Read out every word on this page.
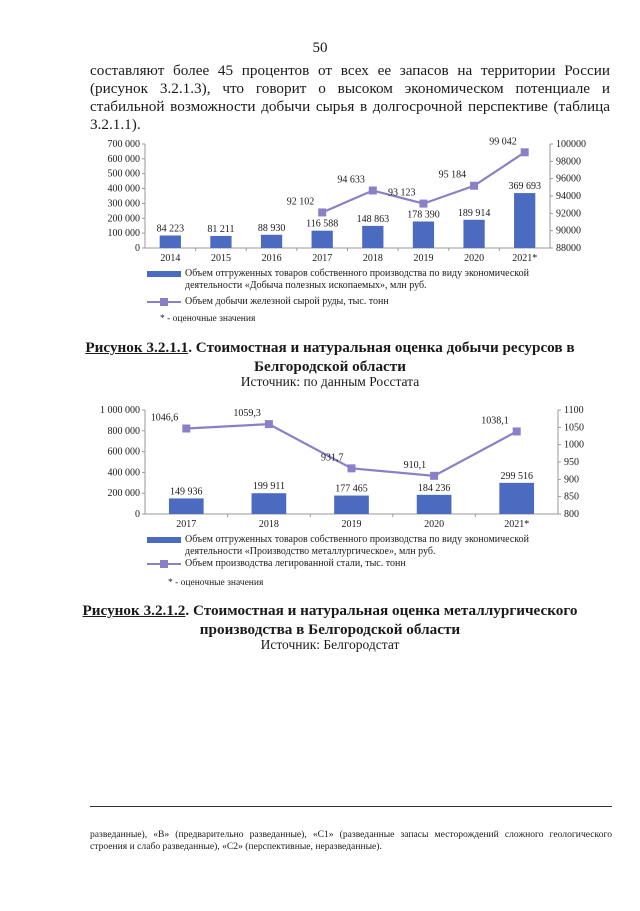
50
составляют более 45 процентов от всех ее запасов на территории России (рисунок 3.2.1.3), что говорит о высоком экономическом потенциале и стабильной возможности добычи сырья в долгосрочной перспективе (таблица 3.2.1.1).
0
100 000
200 000
300 000
400 000
500 000
600 000
700 000
88000
90000
92000
94000
96000
98000
100000
2014	2015	2016	2017	2018	2019	2020	2021*
84 223 81 211 88 930 116 588 148 863 178 390 189 914
369 693
92 102
94 633
93 123
95 184
99 042
Объем отгруженных товаров собственного производства по виду экономической деятельности «Добыча полезных ископаемых», млн руб.
Объем добычи железной сырой руды, тыс. тонн
* - оценочные значения
Рисунок 3.2.1.1. Стоимостная и натуральная оценка добычи ресурсов в Белгородской области
Источник: по данным Росстата
0
200 000
400 000
600 000
800 000
1 000 000
800
850
900
950
1000
1050
1100
2017	2018	2019	2020	2021*
149 936	199 911	177 465	184 236
299 516
1046,6	1059,3
931,7
910,1
1038,1
Объем отгруженных товаров собственного производства по виду экономической деятельности «Производство металлургическое», млн руб.
Объем производства легированной стали, тыс. тонн
* - оценочные значения
Рисунок 3.2.1.2. Стоимостная и натуральная оценка металлургического производства в Белгородской области
Источник: Белгородстат
разведанные), «В» (предварительно разведанные), «С1» (разведанные запасы месторождений сложного геологического строения и слабо разведанные), «С2» (перспективные, неразведанные).
